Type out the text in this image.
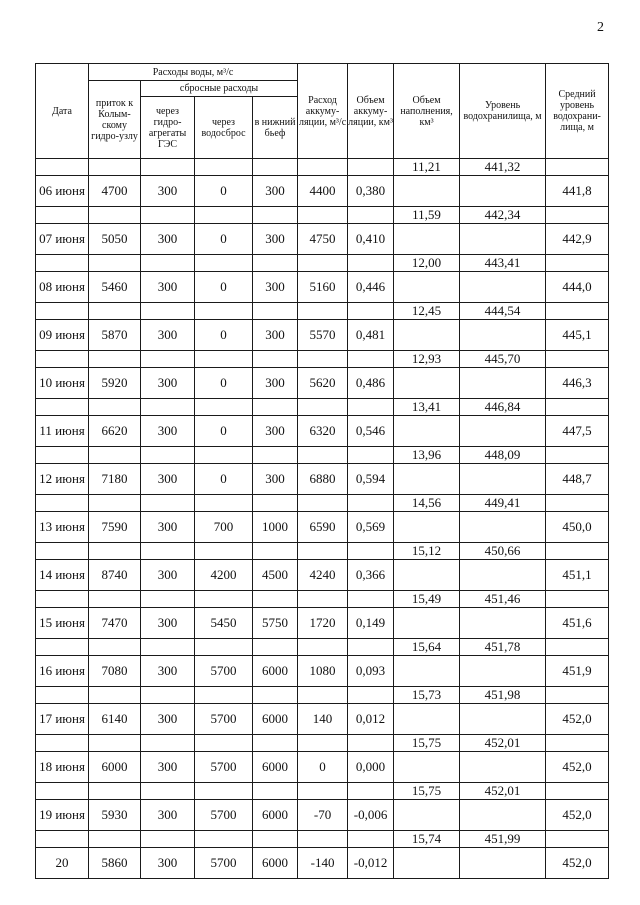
2
Дата	Расходы воды, м³/с				Расход аккуму-ляции, м³/с	Объем аккуму-ляции, км³	Объем наполнения, км³	Уровень водохранилища, м	Средний уровень водохрани-лища, м
	приток к Колым-скому гидро-узлу	сбросные расходы							
		через гидро-агрегаты ГЭС	через водосброс	в нижний бьеф					
							11,21	441,32	
06 июня	4700	300	0	300	4400	0,380			441,8
							11,59	442,34	
07 июня	5050	300	0	300	4750	0,410			442,9
							12,00	443,41	
08 июня	5460	300	0	300	5160	0,446			444,0
							12,45	444,54	
09 июня	5870	300	0	300	5570	0,481			445,1
							12,93	445,70	
10 июня	5920	300	0	300	5620	0,486			446,3
							13,41	446,84	
11 июня	6620	300	0	300	6320	0,546			447,5
							13,96	448,09	
12 июня	7180	300	0	300	6880	0,594			448,7
							14,56	449,41	
13 июня	7590	300	700	1000	6590	0,569			450,0
							15,12	450,66	
14 июня	8740	300	4200	4500	4240	0,366			451,1
							15,49	451,46	
15 июня	7470	300	5450	5750	1720	0,149			451,6
							15,64	451,78	
16 июня	7080	300	5700	6000	1080	0,093			451,9
							15,73	451,98	
17 июня	6140	300	5700	6000	140	0,012			452,0
							15,75	452,01	
18 июня	6000	300	5700	6000	0	0,000			452,0
							15,75	452,01	
19 июня	5930	300	5700	6000	-70	-0,006			452,0
							15,74	451,99	
20	5860	300	5700	6000	-140	-0,012			452,0
